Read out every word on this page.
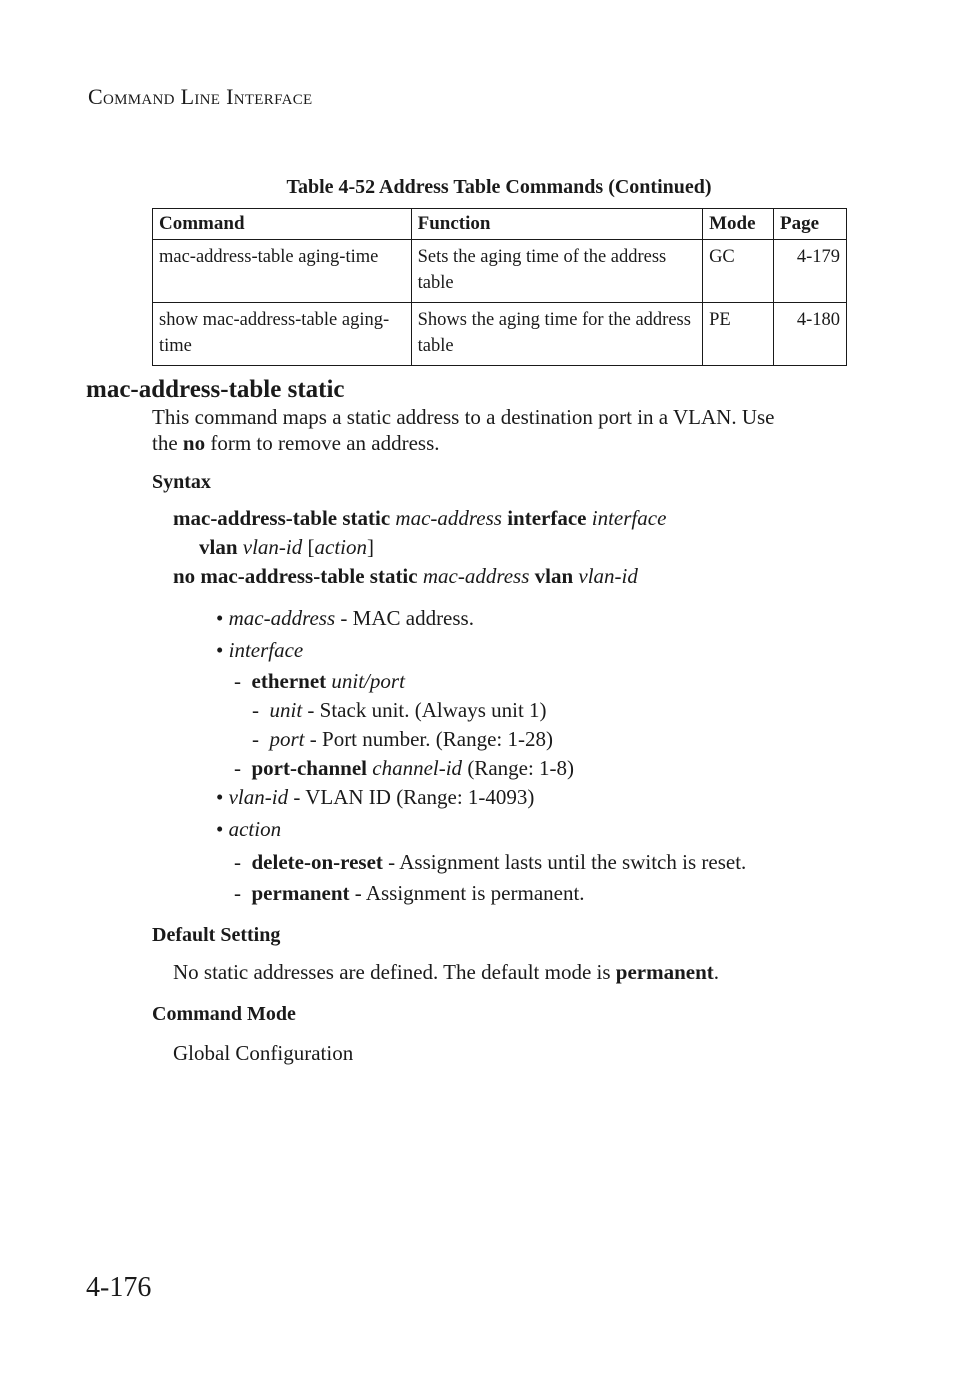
COMMAND LINE INTERFACE
Table 4-52 Address Table Commands (Continued)
Command	Function	Mode	Page
mac-address-table aging-time	Sets the aging time of the address table	GC	4-179
show mac-address-table aging-time	Shows the aging time for the address table	PE	4-180
mac-address-table static
This command maps a static address to a destination port in a VLAN. Use
the no form to remove an address.
Syntax
mac-address-table static mac-address interface interface
vlan vlan-id [action]
no mac-address-table static mac-address vlan vlan-id
• mac-address - MAC address.
• interface
- ethernet unit/port
- unit - Stack unit. (Always unit 1)
- port - Port number. (Range: 1-28)
- port-channel channel-id (Range: 1-8)
• vlan-id - VLAN ID (Range: 1-4093)
• action
- delete-on-reset - Assignment lasts until the switch is reset.
- permanent - Assignment is permanent.
Default Setting
No static addresses are defined. The default mode is permanent.
Command Mode
Global Configuration
4-176
